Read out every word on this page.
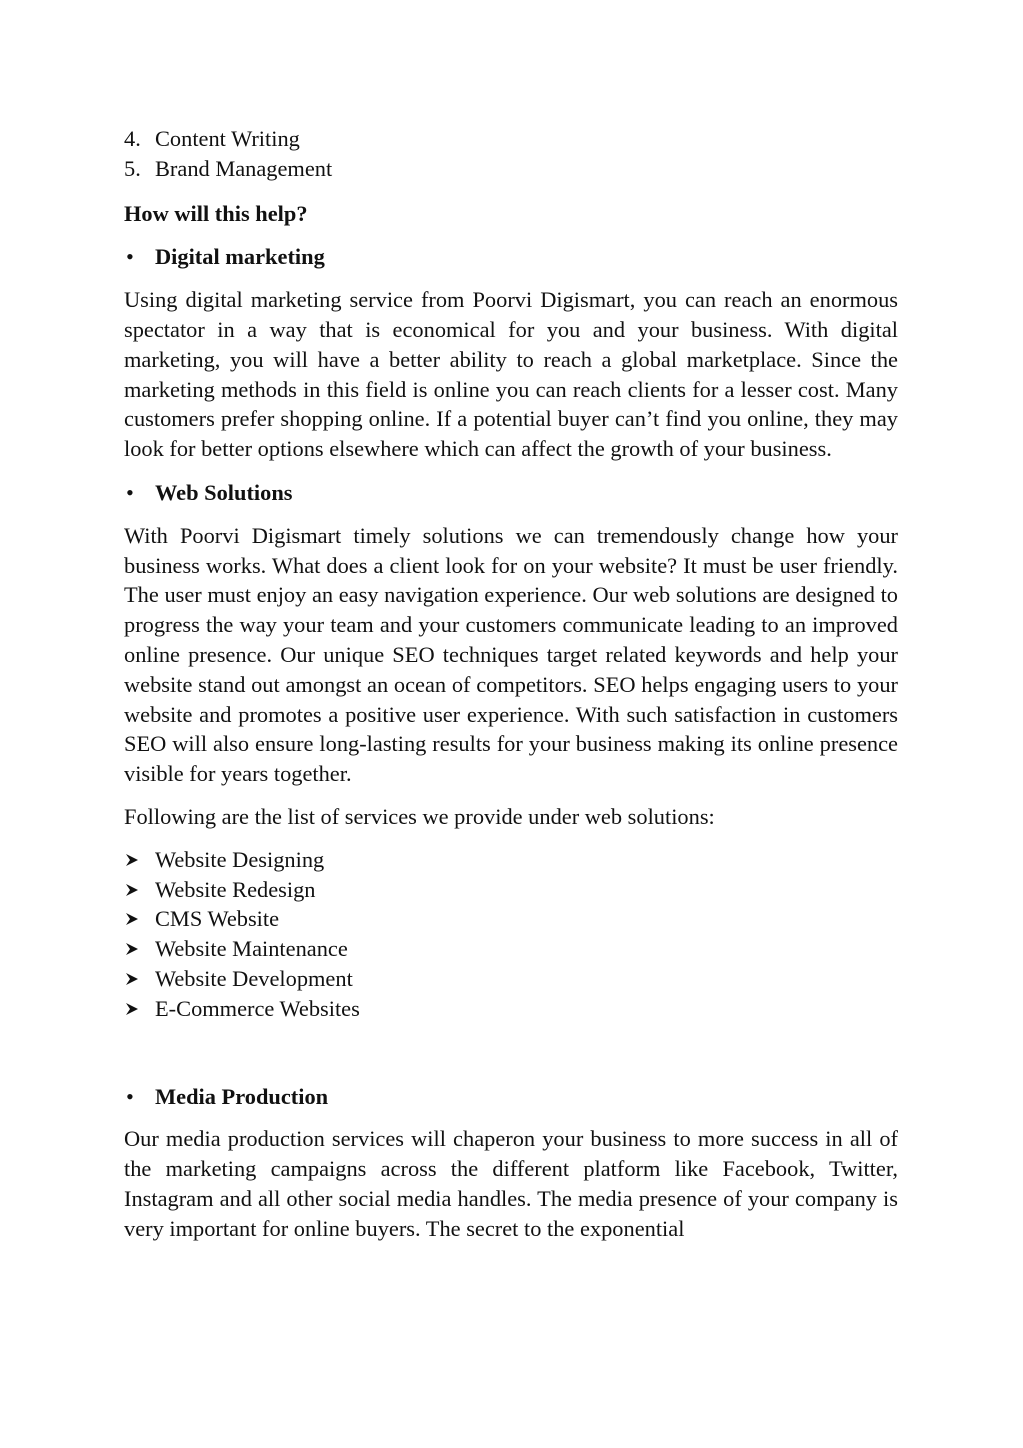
4. Content Writing
5. Brand Management
How will this help?
• Digital marketing

Using digital marketing service from Poorvi Digismart, you can reach an enormous spectator in a way that is economical for you and your business. With digital marketing, you will have a better ability to reach a global marketplace. Since the marketing methods in this field is online you can reach clients for a lesser cost. Many customers prefer shopping online. If a potential buyer can’t find you online, they may look for better options elsewhere which can affect the growth of your business.

• Web Solutions

With Poorvi Digismart timely solutions we can tremendously change how your business works. What does a client look for on your website? It must be user friendly. The user must enjoy an easy navigation experience. Our web solutions are designed to progress the way your team and your customers communicate leading to an improved online presence. Our unique SEO techniques target related keywords and help your website stand out amongst an ocean of competitors. SEO helps engaging users to your website and promotes a positive user experience. With such satisfaction in customers SEO will also ensure long-lasting results for your business making its online presence visible for years together.

Following are the list of services we provide under web solutions:

Website Designing
Website Redesign
CMS Website
Website Maintenance
Website Development
E-Commerce Websites
• Media Production

Our media production services will chaperon your business to more success in all of the marketing campaigns across the different platform like Facebook, Twitter, Instagram and all other social media handles. The media presence of your company is very important for online buyers. The secret to the exponential
